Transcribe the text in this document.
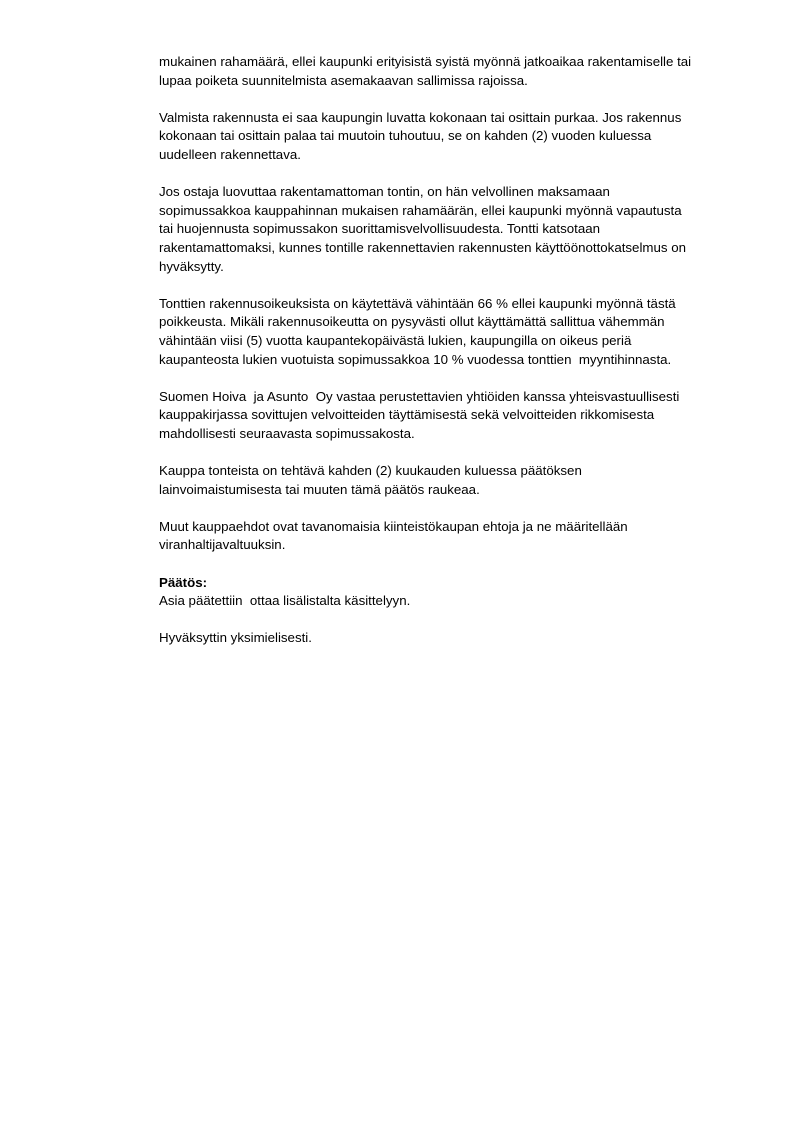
mukainen rahamäärä, ellei kaupunki erityisistä syistä myönnä jatkoaikaa rakentamiselle tai
lupaa poiketa suunnitelmista asemakaavan sallimissa rajoissa.

Valmista rakennusta ei saa kaupungin luvatta kokonaan tai osittain purkaa. Jos rakennus
kokonaan tai osittain palaa tai muutoin tuhoutuu, se on kahden (2) vuoden kuluessa
uudelleen rakennettava.

Jos ostaja luovuttaa rakentamattoman tontin, on hän velvollinen maksamaan
sopimussakkoa kauppahinnan mukaisen rahamäärän, ellei kaupunki myönnä vapautusta
tai huojennusta sopimussakon suorittamisvelvollisuudesta. Tontti katsotaan
rakentamattomaksi, kunnes tontille rakennettavien rakennusten käyttöönottokatselmus on
hyväksytty.

Tonttien rakennusoikeuksista on käytettävä vähintään 66 % ellei kaupunki myönnä tästä
poikkeusta. Mikäli rakennusoikeutta on pysyvästi ollut käyttämättä sallittua vähemmän
vähintään viisi (5) vuotta kaupantekopäivästä lukien, kaupungilla on oikeus periä
kaupanteosta lukien vuotuista sopimussakkoa 10 % vuodessa tonttien  myyntihinnasta.

Suomen Hoiva  ja Asunto  Oy vastaa perustettavien yhtiöiden kanssa yhteisvastuullisesti
kauppakirjassa sovittujen velvoitteiden täyttämisestä sekä velvoitteiden rikkomisesta
mahdollisesti seuraavasta sopimussakosta.

Kauppa tonteista on tehtävä kahden (2) kuukauden kuluessa päätöksen
lainvoimaistumisesta tai muuten tämä päätös raukeaa.

Muut kauppaehdot ovat tavanomaisia kiinteistökaupan ehtoja ja ne määritellään
viranhaltijavaltuuksin.

Päätös:

Asia päätettiin  ottaa lisälistalta käsittelyyn.

Hyväksyttin yksimielisesti.
